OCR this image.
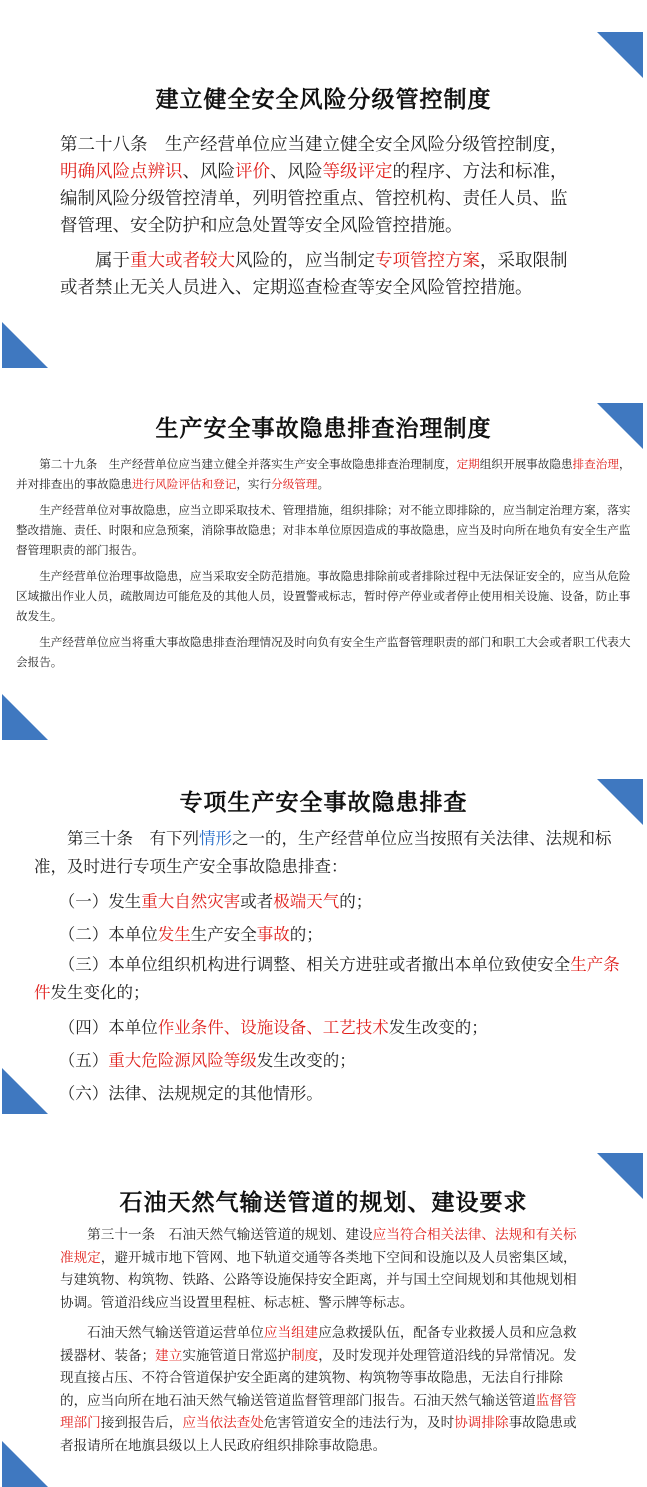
建立健全安全风险分级管控制度

第二十八条　生产经营单位应当建立健全安全风险分级管控制度，明确风险点辨识、风险评价、风险等级评定的程序、方法和标准，编制风险分级管控清单，列明管控重点、管控机构、责任人员、监督管理、安全防护和应急处置等安全风险管控措施。

　　属于重大或者较大风险的，应当制定专项管控方案，采取限制或者禁止无关人员进入、定期巡查检查等安全风险管控措施。

生产安全事故隐患排查治理制度

　　第二十九条　生产经营单位应当建立健全并落实生产安全事故隐患排查治理制度，定期组织开展事故隐患排查治理，并对排查出的事故隐患进行风险评估和登记，实行分级管理。

　　生产经营单位对事故隐患，应当立即采取技术、管理措施，组织排除；对不能立即排除的，应当制定治理方案，落实整改措施、责任、时限和应急预案，消除事故隐患；对非本单位原因造成的事故隐患，应当及时向所在地负有安全生产监督管理职责的部门报告。

　　生产经营单位治理事故隐患，应当采取安全防范措施。事故隐患排除前或者排除过程中无法保证安全的，应当从危险区域撤出作业人员，疏散周边可能危及的其他人员，设置警戒标志，暂时停产停业或者停止使用相关设施、设备，防止事故发生。

　　生产经营单位应当将重大事故隐患排查治理情况及时向负有安全生产监督管理职责的部门和职工大会或者职工代表大会报告。

专项生产安全事故隐患排查

　　第三十条　有下列情形之一的，生产经营单位应当按照有关法律、法规和标准，及时进行专项生产安全事故隐患排查：

　　（一）发生重大自然灾害或者极端天气的；

　　（二）本单位发生生产安全事故的；

　　（三）本单位组织机构进行调整、相关方进驻或者撤出本单位致使安全生产条件发生变化的；

　　（四）本单位作业条件、设施设备、工艺技术发生改变的；

　　（五）重大危险源风险等级发生改变的；

　　（六）法律、法规规定的其他情形。

石油天然气输送管道的规划、建设要求

　　第三十一条　石油天然气输送管道的规划、建设应当符合相关法律、法规和有关标准规定，避开城市地下管网、地下轨道交通等各类地下空间和设施以及人员密集区域，与建筑物、构筑物、铁路、公路等设施保持安全距离，并与国土空间规划和其他规划相协调。管道沿线应当设置里程桩、标志桩、警示牌等标志。

　　石油天然气输送管道运营单位应当组建应急救援队伍，配备专业救援人员和应急救援器材、装备；建立实施管道日常巡护制度，及时发现并处理管道沿线的异常情况。发现直接占压、不符合管道保护安全距离的建筑物、构筑物等事故隐患，无法自行排除的，应当向所在地石油天然气输送管道监督管理部门报告。石油天然气输送管道监督管理部门接到报告后，应当依法查处危害管道安全的违法行为，及时协调排除事故隐患或者报请所在地旗县级以上人民政府组织排除事故隐患。
